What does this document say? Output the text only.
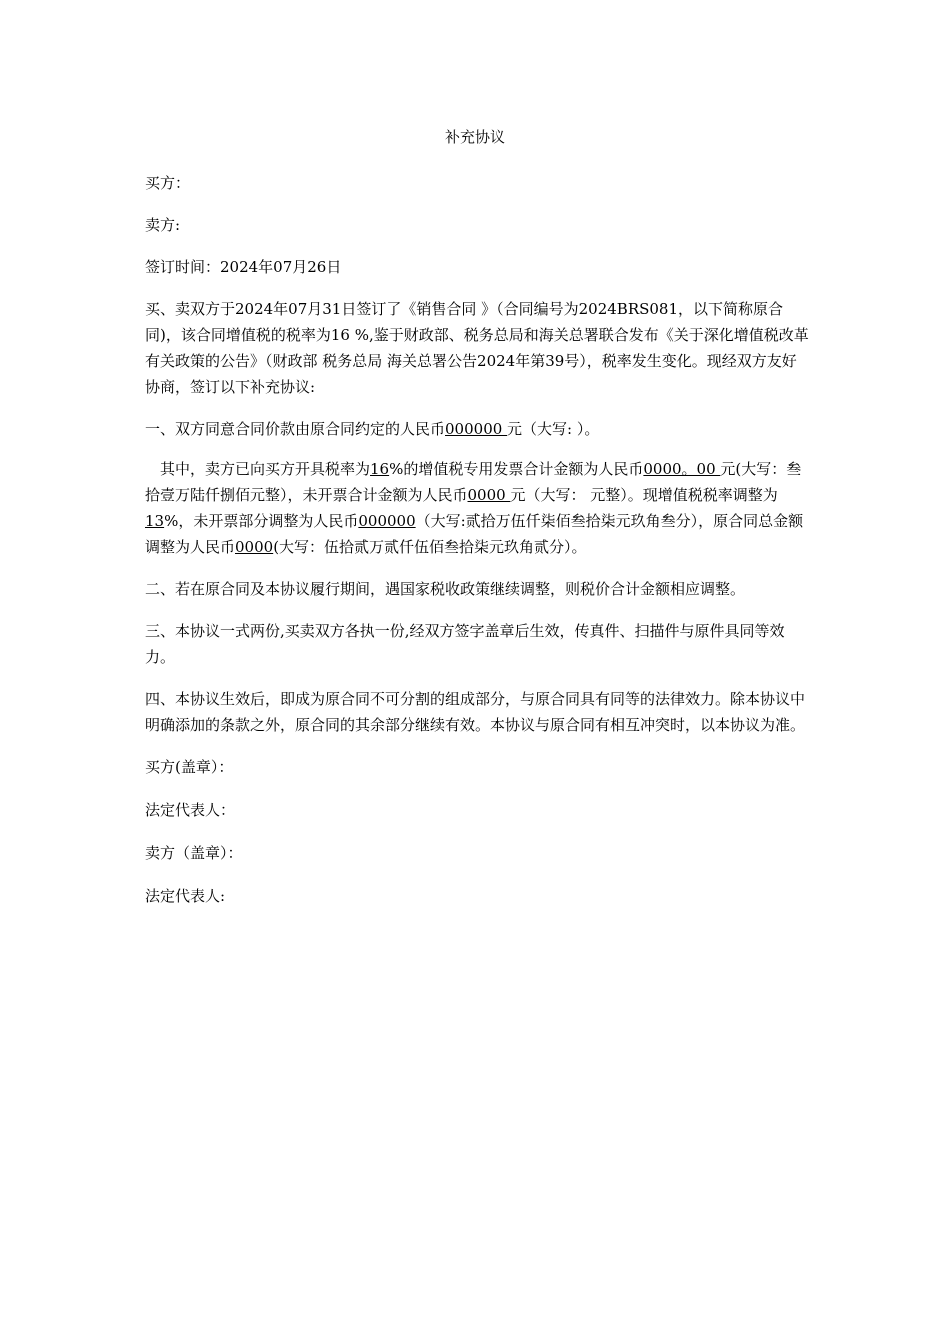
补充协议

买方：

卖方:

签订时间：2024年07月26日

买、卖双方于2024年07月31日签订了《销售合同 》（合同编号为2024BRS081，以下简称原合同)，该合同增值税的税率为16 %,鉴于财政部、税务总局和海关总署联合发布《关于深化增值税改革有关政策的公告》（财政部 税务总局 海关总署公告2024年第39号），税率发生变化。现经双方友好协商，签订以下补充协议:

一、双方同意合同价款由原合同约定的人民币000000 元（大写: ）。

其中，卖方已向买方开具税率为16%的增值税专用发票合计金额为人民币0000。00 元(大写：叁拾壹万陆仟捌佰元整），未开票合计金额为人民币0000 元（大写： 元整）。现增值税税率调整为13%，未开票部分调整为人民币000000（大写:贰拾万伍仟柒佰叁拾柒元玖角叁分），原合同总金额调整为人民币0000(大写：伍拾贰万贰仟伍佰叁拾柒元玖角贰分）。

二、若在原合同及本协议履行期间，遇国家税收政策继续调整，则税价合计金额相应调整。

三、本协议一式两份,买卖双方各执一份,经双方签字盖章后生效，传真件、扫描件与原件具同等效力。

四、本协议生效后，即成为原合同不可分割的组成部分，与原合同具有同等的法律效力。除本协议中明确添加的条款之外，原合同的其余部分继续有效。本协议与原合同有相互冲突时，以本协议为准。

买方(盖章）：

法定代表人：

卖方（盖章）：

法定代表人:
